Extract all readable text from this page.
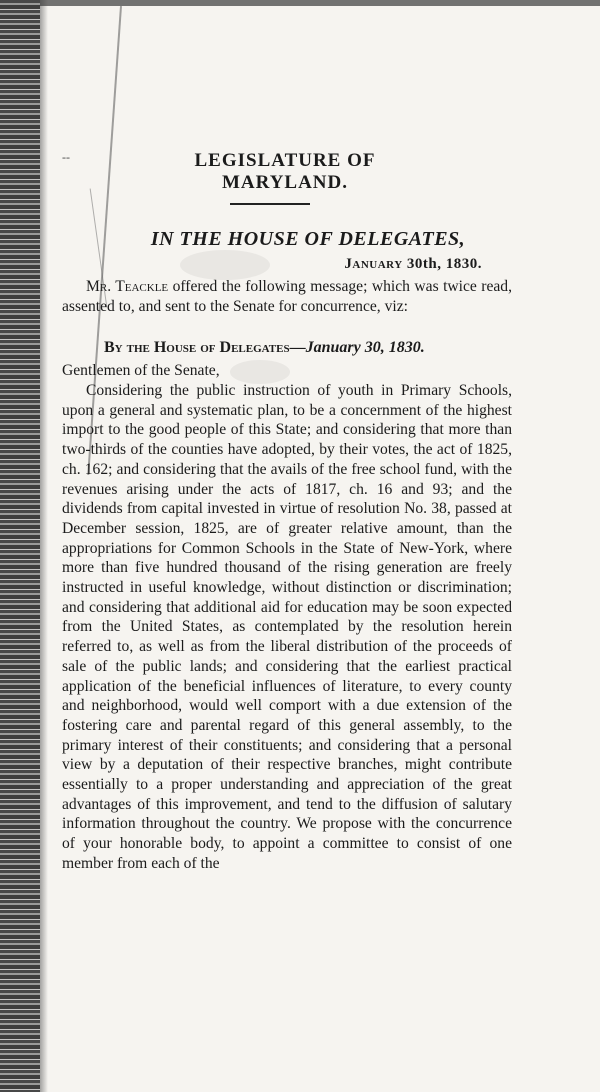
‑‑	LEGISLATURE OF MARYLAND.
IN THE HOUSE OF DELEGATES,
January 30th, 1830.
Mr. Teackle offered the following message; which was twice read, assented to, and sent to the Senate for concurrence, viz:
By the House of Delegates—January 30, 1830.
Gentlemen of the Senate,
Considering the public instruction of youth in Primary Schools, upon a general and systematic plan, to be a concernment of the highest import to the good people of this State; and considering that more than two-thirds of the counties have adopted, by their votes, the act of 1825, ch. 162; and considering that the avails of the free school fund, with the revenues arising under the acts of 1817, ch. 16 and 93; and the dividends from capital invested in virtue of resolution No. 38, passed at December session, 1825, are of greater relative amount, than the appropriations for Common Schools in the State of New-York, where more than five hundred thousand of the rising generation are freely instructed in useful knowledge, without distinction or discrimination; and considering that additional aid for education may be soon expected from the United States, as contemplated by the resolution herein referred to, as well as from the liberal distribution of the proceeds of sale of the public lands; and considering that the earliest practical application of the beneficial influences of literature, to every county and neighborhood, would well comport with a due extension of the fostering care and parental regard of this general assembly, to the primary interest of their constituents; and considering that a personal view by a deputation of their respective branches, might contribute essentially to a proper understanding and appreciation of the great advantages of this improvement, and tend to the diffusion of salutary information throughout the country. We propose with the concurrence of your honorable body, to appoint a committee to consist of one member from each of the
